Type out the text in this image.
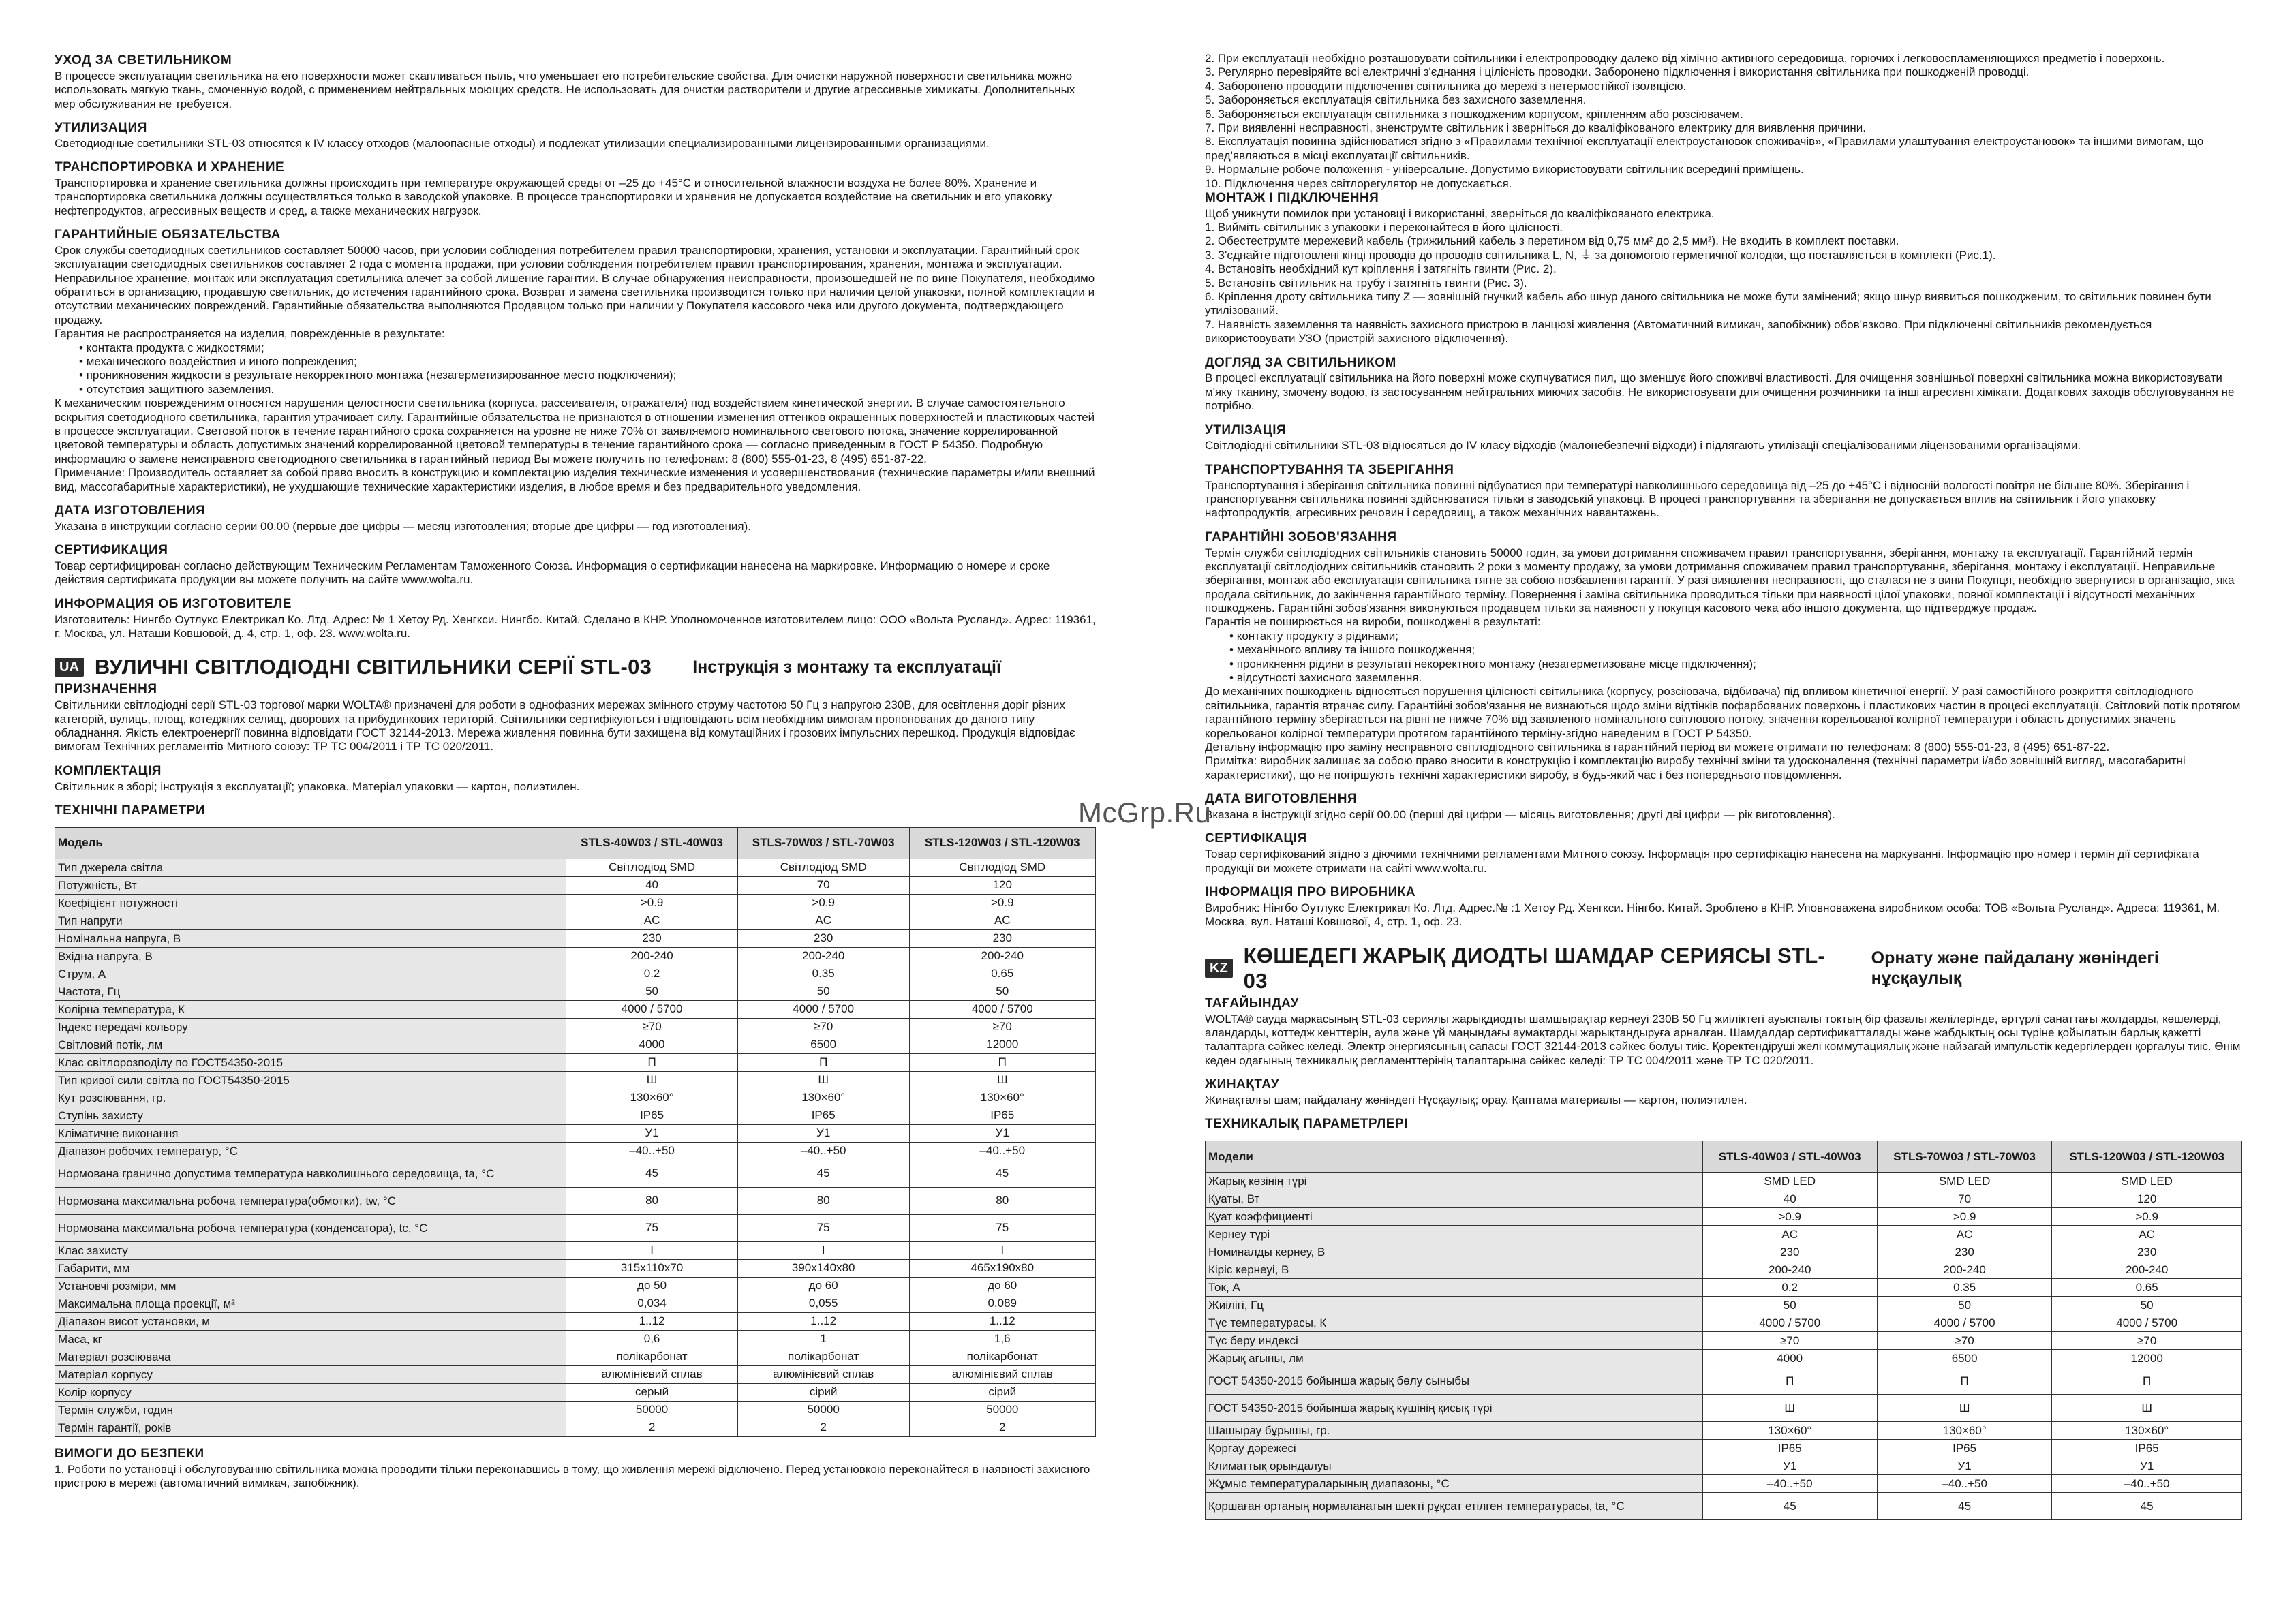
УХОД ЗА СВЕТИЛЬНИКОМ

В процессе эксплуатации светильника на его поверхности может скапливаться пыль, что уменьшает его потребительские свойства. Для очистки наружной поверхности светильника можно использовать мягкую ткань, смоченную водой, с применением нейтральных моющих средств. Не использовать для очистки растворители и другие агрессивные химикаты. Дополнительных мер обслуживания не требуется.

УТИЛИЗАЦИЯ

Светодиодные светильники STL-03 относятся к IV классу отходов (малоопасные отходы) и подлежат утилизации специализированными лицензированными организациями.

ТРАНСПОРТИРОВКА И ХРАНЕНИЕ

Транспортировка и хранение светильника должны происходить при температуре окружающей среды от –25 до +45°С и относительной влажности воздуха не более 80%. Хранение и транспортировка светильника должны осуществляться только в заводской упаковке. В процессе транспортировки и хранения не допускается воздействие на светильник и его упаковку нефтепродуктов, агрессивных веществ и сред, а также механических нагрузок.

ГАРАНТИЙНЫЕ ОБЯЗАТЕЛЬСТВА

Срок службы светодиодных светильников составляет 50000 часов, при условии соблюдения потребителем правил транспортировки, хранения, установки и эксплуатации. Гарантийный срок эксплуатации светодиодных светильников составляет 2 года с момента продажи, при условии соблюдения потребителем правил транспортирования, хранения, монтажа и эксплуатации. Неправильное хранение, монтаж или эксплуатация светильника влечет за собой лишение гарантии. В случае обнаружения неисправности, произошедшей не по вине Покупателя, необходимо обратиться в организацию, продавшую светильник, до истечения гарантийного срока. Возврат и замена светильника производится только при наличии целой упаковки, полной комплектации и отсутствии механических повреждений. Гарантийные обязательства выполняются Продавцом только при наличии у Покупателя кассового чека или другого документа, подтверждающего продажу.

Гарантия не распространяется на изделия, повреждённые в результате:

• контакта продукта с жидкостями;
• механического воздействия и иного повреждения;
• проникновения жидкости в результате некорректного монтажа (незагерметизированное место подключения);
• отсутствия защитного заземления.

К механическим повреждениям относятся нарушения целостности светильника (корпуса, рассеивателя, отражателя) под воздействием кинетической энергии. В случае самостоятельного вскрытия светодиодного светильника, гарантия утрачивает силу. Гарантийные обязательства не признаются в отношении изменения оттенков окрашенных поверхностей и пластиковых частей в процессе эксплуатации. Световой поток в течение гарантийного срока сохраняется на уровне не ниже 70% от заявляемого номинального светового потока, значение коррелированной цветовой температуры и область допустимых значений коррелированной цветовой температуры в течение гарантийного срока — согласно приведенным в ГОСТ Р 54350. Подробную информацию о замене неисправного светодиодного светильника в гарантийный период Вы можете получить по телефонам: 8 (800) 555-01-23, 8 (495) 651-87-22.

Примечание: Производитель оставляет за собой право вносить в конструкцию и комплектацию изделия технические изменения и усовершенствования (технические параметры и/или внешний вид, массогабаритные характеристики), не ухудшающие технические характеристики изделия, в любое время и без предварительного уведомления.

ДАТА ИЗГОТОВЛЕНИЯ

Указана в инструкции согласно серии 00.00 (первые две цифры — месяц изготовления; вторые две цифры — год изготовления).

СЕРТИФИКАЦИЯ

Товар сертифицирован согласно действующим Техническим Регламентам Таможенного Союза. Информация о сертификации нанесена на маркировке. Информацию о номере и сроке действия сертификата продукции вы можете получить на сайте www.wolta.ru.

ИНФОРМАЦИЯ ОБ ИЗГОТОВИТЕЛЕ

Изготовитель: Нингбо Оутлукс Електрикал Ко. Лтд. Адрес: № 1 Хетоу Рд. Хенгкси. Нингбо. Китай. Сделано в КНР. Уполномоченное изготовителем лицо: ООО «Вольта Русланд». Адрес: 119361, г. Москва, ул. Наташи Ковшовой, д. 4, стр. 1, оф. 23. www.wolta.ru.

UA ВУЛИЧНІ СВІТЛОДІОДНІ СВІТИЛЬНИКИ СЕРІЇ STL-03 Інструкція з монтажу та експлуатації
ПРИЗНАЧЕННЯ

Світильники світлодіодні серії STL-03 торгової марки WOLTA® призначені для роботи в однофазних мережах змінного струму частотою 50 Гц з напругою 230В, для освітлення доріг різних категорій, вулиць, площ, котеджних селищ, дворових та прибудинкових територій. Світильники сертифікуються і відповідають всім необхідним вимогам пропонованих до даного типу обладнання. Якість електроенергії повинна відповідати ГОСТ 32144-2013. Мережа живлення повинна бути захищена від комутаційних і грозових імпульсних перешкод. Продукція відповідає вимогам Технічних регламентів Митного союзу: ТР ТС 004/2011 і ТР ТС 020/2011.

КОМПЛЕКТАЦІЯ

Світильник в зборі; інструкція з експлуатації; упаковка. Матеріал упаковки — картон, полиэтилен.

ТЕХНІЧНІ ПАРАМЕТРИ
Модель	STLS-40W03 / STL-40W03	STLS-70W03 / STL-70W03	STLS-120W03 / STL-120W03
Тип джерела світла	Світлодіод SMD	Світлодіод SMD	Світлодіод SMD
Потужність, Вт	40	70	120
Коефіцієнт потужності	>0.9	>0.9	>0.9
Тип напруги	AC	AC	AC
Номінальна напруга, В	230	230	230
Вхідна напруга, В	200-240	200-240	200-240
Струм, А	0.2	0.35	0.65
Частота, Гц	50	50	50
Колірна температура, К	4000 / 5700	4000 / 5700	4000 / 5700
Індекс передачі кольору	≥70	≥70	≥70
Світловий потік, лм	4000	6500	12000
Клас світлорозподілу по ГОСТ54350-2015	П	П	П
Тип кривої сили світла по ГОСТ54350-2015	Ш	Ш	Ш
Кут розсіювання, гр.	130×60°	130×60°	130×60°
Ступінь захисту	IP65	IP65	IP65
Кліматичне виконання	У1	У1	У1
Діапазон робочих температур, °С	–40..+50	–40..+50	–40..+50
Нормована гранично допустима температура навколишнього середовища, ta, °С	45	45	45
Нормована максимальна робоча температура(обмотки), tw, °С	80	80	80
Нормована максимальна робоча температура (конденсатора), tc, °С	75	75	75
Клас захисту	I	I	I
Габарити, мм	315x110x70	390x140x80	465x190x80
Установчі розміри, мм	до 50	до 60	до 60
Максимальна площа проекції, м²	0,034	0,055	0,089
Діапазон висот установки, м	1..12	1..12	1..12
Маса, кг	0,6	1	1,6
Матеріал розсіювача	полікарбонат	полікарбонат	полікарбонат
Матеріал корпусу	алюмінієвий сплав	алюмінієвий сплав	алюмінієвий сплав
Колір корпусу	серый	сірий	сірий
Термін служби, годин	50000	50000	50000
Термін гарантії, років	2	2	2
ВИМОГИ ДО БЕЗПЕКИ

1. Роботи по установці і обслуговуванню світильника можна проводити тільки переконавшись в тому, що живлення мережі відключено. Перед установкою переконайтеся в наявності захисного пристрою в мережі (автоматичний вимикач, запобіжник).

2. При експлуатації необхідно розташовувати світильники і електропроводку далеко від хімічно активного середовища, горючих і легковоспламеняющихся предметів і поверхонь.

3. Регулярно перевіряйте всі електричні з'єднання і цілісність проводки. Заборонено підключення і використання світильника при пошкодженій проводці.

4. Заборонено проводити підключення світильника до мережі з нетермостійкої ізоляцією.

5. Забороняється експлуатація світильника без захисного заземлення.

6. Забороняється експлуатація світильника з пошкодженим корпусом, кріпленням або розсіювачем.

7. При виявленні несправності, зненструмте світильник і зверніться до кваліфікованого електрику для виявлення причини.

8. Експлуатація повинна здійснюватися згідно з «Правилами технічної експлуатації електроустановок споживачів», «Правилами улаштування електроустановок» та іншими вимогам, що пред'являються в місці експлуатації світильників.

9. Нормальне робоче положення - універсальне. Допустимо використовувати світильник всередині приміщень.

10. Підключення через світлорегулятор не допускається.

МОНТАЖ І ПІДКЛЮЧЕННЯ

Щоб уникнути помилок при установці і використанні, зверніться до кваліфікованого електрика.

1. Вийміть світильник з упаковки і переконайтеся в його цілісності.

2. Обестеструмте мережевий кабель (трижильний кабель з перетином від 0,75 мм² до 2,5 мм²). Не входить в комплект поставки.

3. З'єднайте підготовлені кінці проводів до проводів світильника L, N, ⏚ за допомогою герметичної колодки, що поставляється в комплекті (Рис.1).

4. Встановіть необхідний кут кріплення і затягніть гвинти (Рис. 2).

5. Встановіть світильник на трубу і затягніть гвинти (Рис. 3).

6. Кріплення дроту світильника типу Z — зовнішній гнучкий кабель або шнур даного світильника не може бути замінений; якщо шнур виявиться пошкодженим, то світильник повинен бути утилізований.

7. Наявність заземлення та наявність захисного пристрою в ланцюзі живлення (Автоматичний вимикач, запобіжник) обов'язково. При підключенні світильників рекомендується використовувати УЗО (пристрій захисного відключення).

ДОГЛЯД ЗА СВІТИЛЬНИКОМ

В процесі експлуатації світильника на його поверхні може скупчуватися пил, що зменшує його споживчі властивості. Для очищення зовнішньої поверхні світильника можна використовувати м'яку тканину, змочену водою, із застосуванням нейтральних миючих засобів. Не використовувати для очищення розчинники та інші агресивні хімікати. Додаткових заходів обслуговування не потрібно.

УТИЛІЗАЦІЯ

Світлодіодні світильники STL-03 відносяться до IV класу відходів (малонебезпечні відходи) і підлягають утилізації спеціалізованими ліцензованими організаціями.

ТРАНСПОРТУВАННЯ ТА ЗБЕРІГАННЯ

Транспортування і зберігання світильника повинні відбуватися при температурі навколишнього середовища від –25 до +45°С і відносній вологості повітря не більше 80%. Зберігання і транспортування світильника повинні здійснюватися тільки в заводській упаковці. В процесі транспортування та зберігання не допускається вплив на світильник і його упаковку нафтопродуктів, агресивних речовин і середовищ, а також механічних навантажень.

ГАРАНТІЙНІ ЗОБОВ'ЯЗАННЯ

Термін служби світлодіодних світильників становить 50000 годин, за умови дотримання споживачем правил транспортування, зберігання, монтажу та експлуатації. Гарантійний термін експлуатації світлодіодних світильників становить 2 роки з моменту продажу, за умови дотримання споживачем правил транспортування, зберігання, монтажу і експлуатації. Неправильне зберігання, монтаж або експлуатація світильника тягне за собою позбавлення гарантії. У разі виявлення несправності, що сталася не з вини Покупця, необхідно звернутися в організацію, яка продала світильник, до закінчення гарантійного терміну. Повернення і заміна світильника проводиться тільки при наявності цілої упаковки, повної комплектації і відсутності механічних пошкоджень. Гарантійні зобов'язання виконуються продавцем тільки за наявності у покупця касового чека або іншого документа, що підтверджує продаж.

Гарантія не поширюється на вироби, пошкоджені в результаті:

• контакту продукту з рідинами;
• механічного впливу та іншого пошкодження;
• проникнення рідини в результаті некоректного монтажу (незагерметизоване місце підключення);
• відсутності захисного заземлення.

До механічних пошкоджень відносяться порушення цілісності світильника (корпусу, розсіювача, відбивача) під впливом кінетичної енергії. У разі самостійного розкриття світлодіодного світильника, гарантія втрачає силу. Гарантійні зобов'язання не визнаються щодо зміни відтінків пофарбованих поверхонь і пластикових частин в процесі експлуатації. Світловий потік протягом гарантійного терміну зберігається на рівні не нижче 70% від заявленого номінального світлового потоку, значення корельованої колірної температури і область допустимих значень корельованої колірної температури протягом гарантійного терміну-згідно наведеним в ГОСТ Р 54350.

Детальну інформацію про заміну несправного світлодіодного світильника в гарантійний період ви можете отримати по телефонам: 8 (800) 555-01-23, 8 (495) 651-87-22.

Примітка: виробник залишає за собою право вносити в конструкцію і комплектацію виробу технічні зміни та удосконалення (технічні параметри і/або зовнішній вигляд, масогабаритні характеристики), що не погіршують технічні характеристики виробу, в будь-який час і без попереднього повідомлення.

ДАТА ВИГОТОВЛЕННЯ

Вказана в інструкції згідно серії 00.00 (перші дві цифри — місяць виготовлення; другі дві цифри — рік виготовлення).

СЕРТИФІКАЦІЯ

Товар сертифікований згідно з діючими технічними регламентами Митного союзу. Інформація про сертифікацію нанесена на маркуванні. Інформацію про номер і термін дії сертифіката продукції ви можете отримати на сайті www.wolta.ru.

ІНФОРМАЦІЯ ПРО ВИРОБНИКА

Виробник: Нінгбо Оутлукс Електрикал Ко. Лтд. Адрес.№ :1 Хетоу Рд. Хенгкси. Нінгбо. Китай. Зроблено в КНР. Уповноважена виробником особа: ТОВ «Вольта Русланд». Адреса: 119361, М. Москва, вул. Наташі Ковшової, 4, стр. 1, оф. 23.

KZ
КӨШЕДЕГІ ЖАРЫҚ ДИОДТЫ ШАМДАР СЕРИЯСЫ STL-03
Орнату және пайдалану жөніндегі нұсқаулық
ТАҒАЙЫНДАУ

WOLTA® сауда маркасының STL-03 сериялы жарықдиодты шамшырақтар кернеуі 230В 50 Гц жиіліктегі ауыспалы токтың бір фазалы желілерінде, әртүрлі санаттағы жолдарды, көшелерді, аландарды, коттедж кенттерін, аула және үй маңындағы аумақтарды жарықтандыруға арналған. Шамдалдар сертификатталады және жабдықтың осы түріне қойылатын барлық қажетті талаптарға сәйкес келеді. Электр энергиясының сапасы ГОСТ 32144-2013 сәйкес болуы тиіс. Қоректендіруші желі коммутациялық және найзағай импульстік кедергілерден қорғалуы тиіс. Өнім кеден одағының техникалық регламенттерінің талаптарына сәйкес келеді: ТР ТС 004/2011 және ТР ТС 020/2011.

ЖИНАҚТАУ

Жинақталғы шам; пайдалану жөніндегі Нұсқаулық; орау. Қаптама материалы — картон, полиэтилен.

ТЕХНИКАЛЫҚ ПАРАМЕТРЛЕРІ
Модели	STLS-40W03 / STL-40W03	STLS-70W03 / STL-70W03	STLS-120W03 / STL-120W03
Жарық көзінің түрі	SMD LED	SMD LED	SMD LED
Қуаты, Вт	40	70	120
Қуат коэффициенті	>0.9	>0.9	>0.9
Кернеу түрі	AC	AC	AC
Номиналды кернеу, В	230	230	230
Кіріс кернеуі, В	200-240	200-240	200-240
Ток, А	0.2	0.35	0.65
Жиілігі, Гц	50	50	50
Түс температурасы, К	4000 / 5700	4000 / 5700	4000 / 5700
Түс беру индексі	≥70	≥70	≥70
Жарық ағыны, лм	4000	6500	12000
ГОСТ 54350-2015 бойынша жарық бөлу сыныбы	П	П	П
ГОСТ 54350-2015 бойынша жарық күшінің қисық түрі	Ш	Ш	Ш
Шашырау бұрышы, гр.	130×60°	130×60°	130×60°
Қорғау дәрежесі	IP65	IP65	IP65
Климаттық орындалуы	У1	У1	У1
Жұмыс температураларының диапазоны, °С	–40..+50	–40..+50	–40..+50
Қоршаған ортаның нормаланатын шекті рұқсат етілген температурасы, ta, °С	45	45	45
McGrp.Ru
